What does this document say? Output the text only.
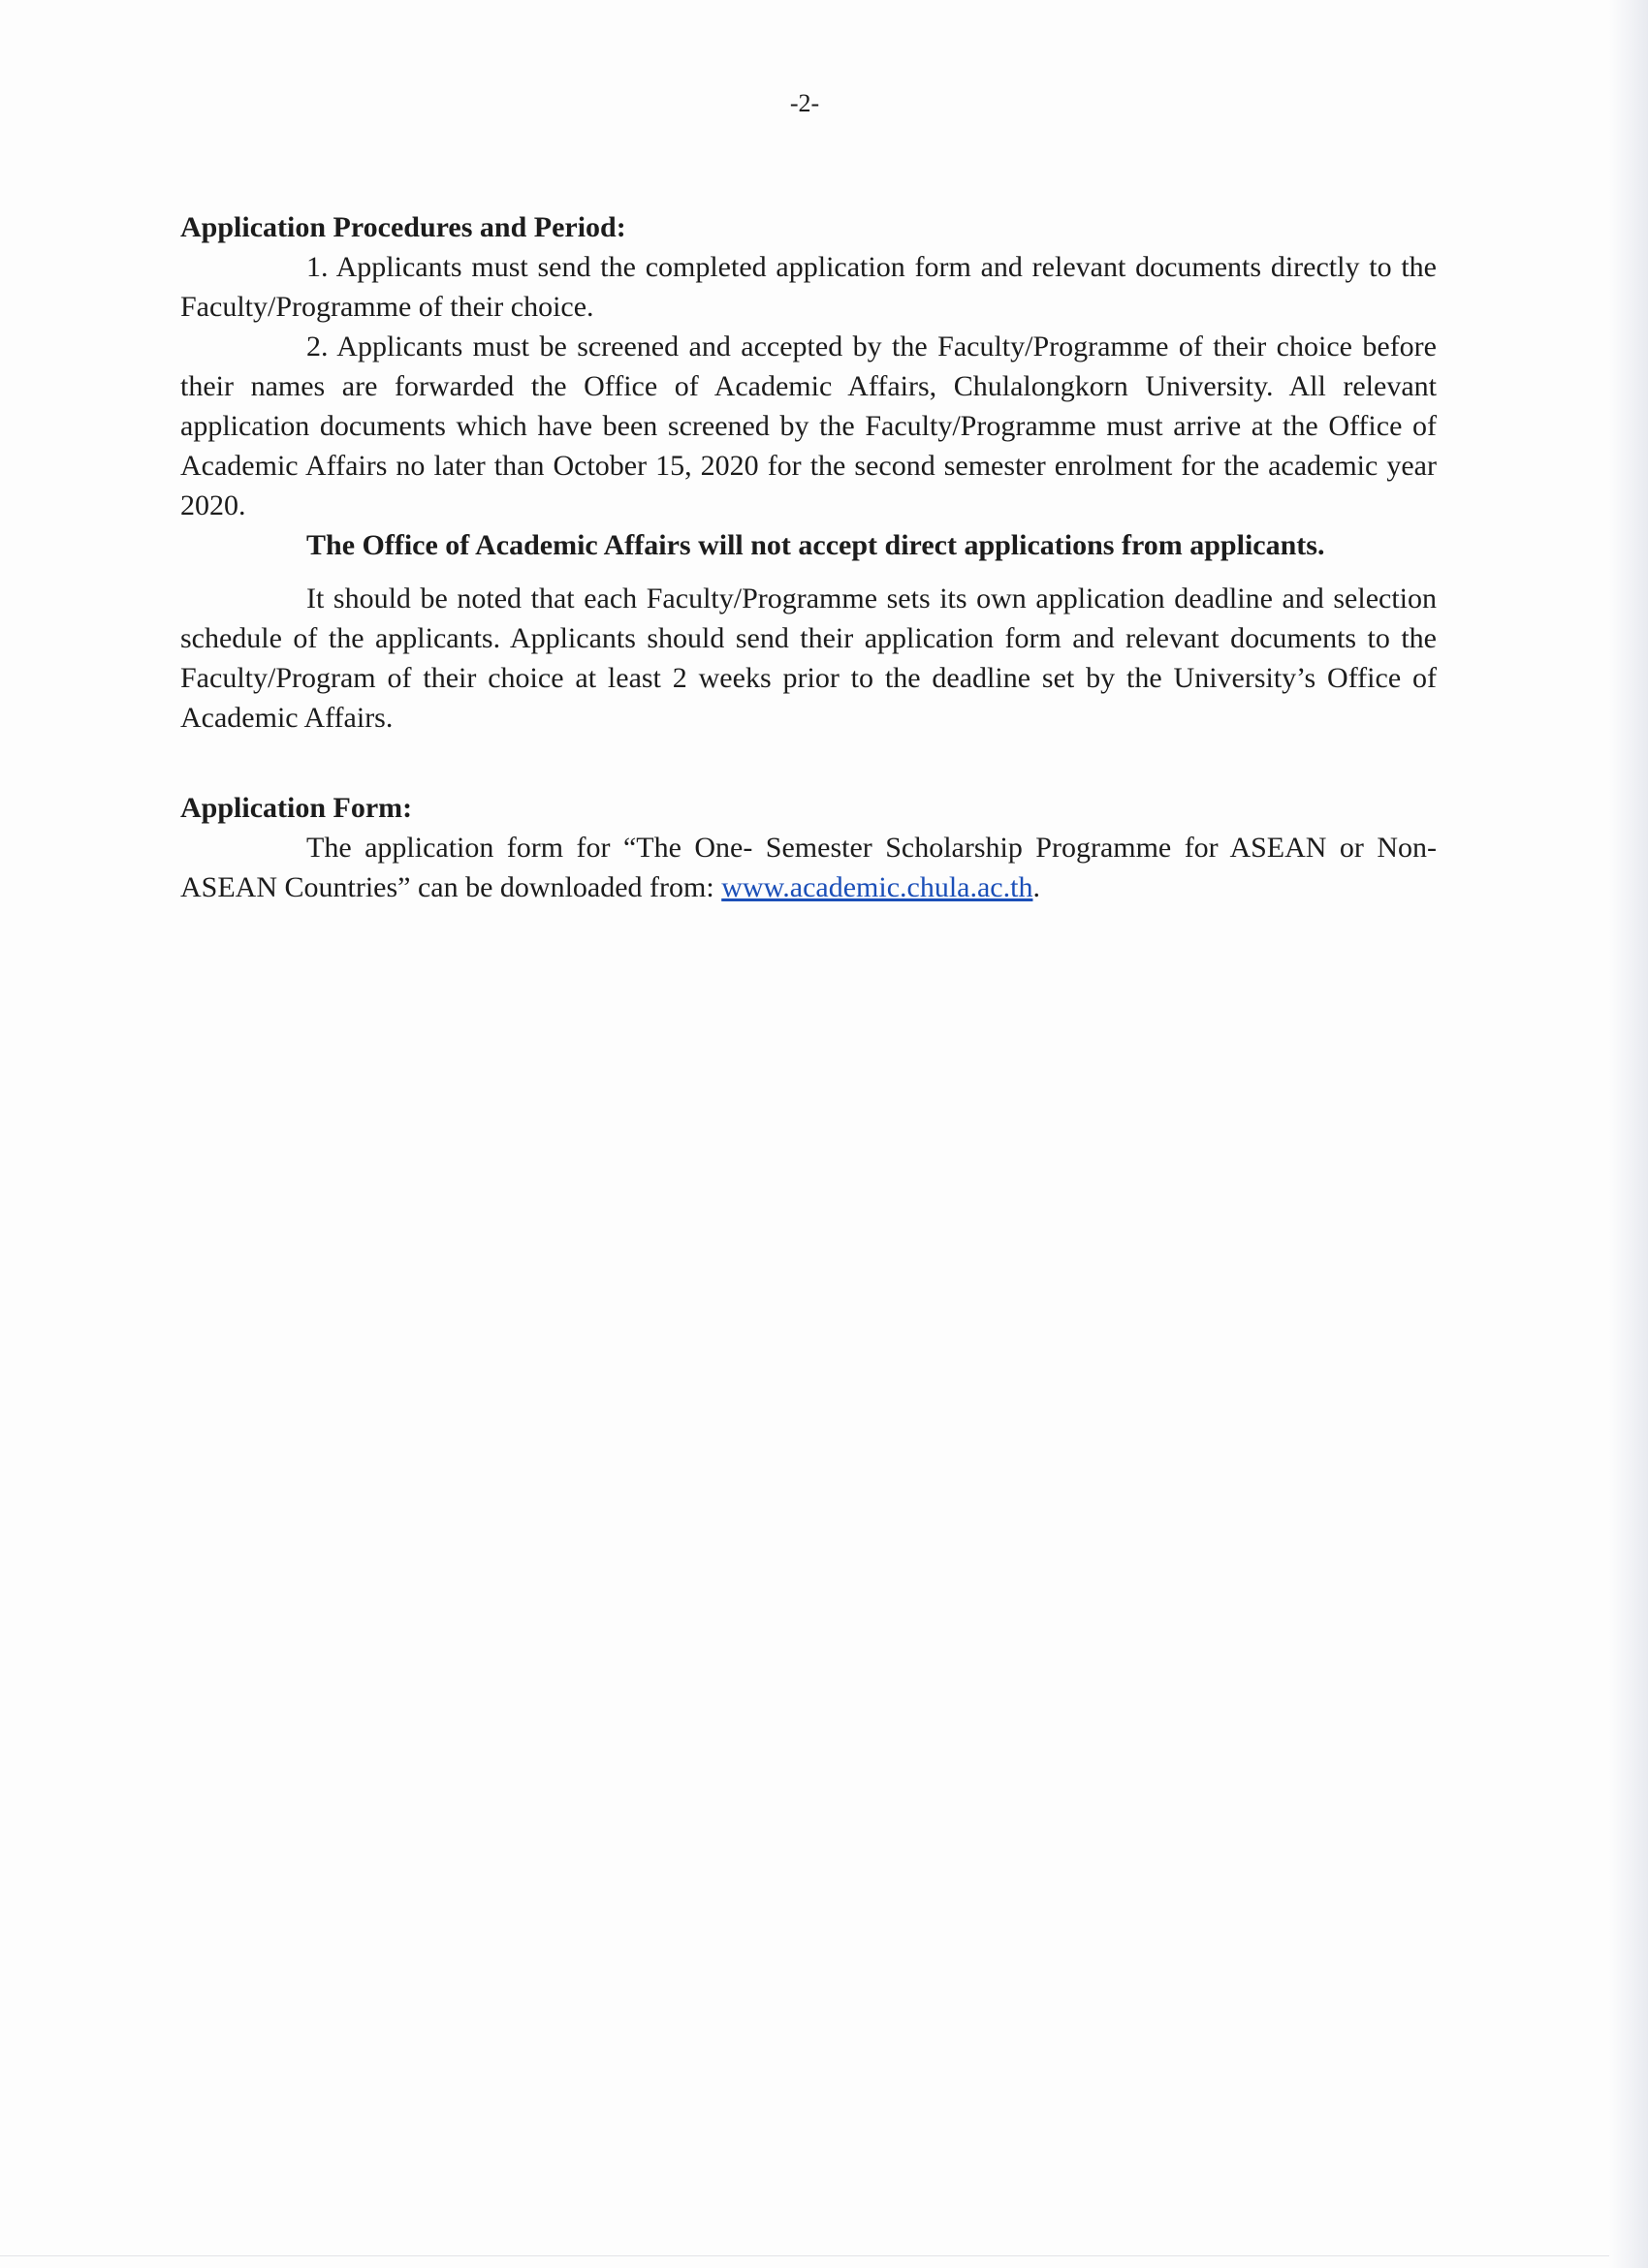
-2-

Application Procedures and Period:

1. Applicants must send the completed application form and relevant documents directly to the Faculty/Programme of their choice.

2. Applicants must be screened and accepted by the Faculty/Programme of their choice before their names are forwarded the Office of Academic Affairs, Chulalongkorn University. All relevant application documents which have been screened by the Faculty/Programme must arrive at the Office of Academic Affairs no later than October 15, 2020 for the second semester enrolment for the academic year 2020.

The Office of Academic Affairs will not accept direct applications from applicants.

It should be noted that each Faculty/Programme sets its own application deadline and selection schedule of the applicants. Applicants should send their application form and relevant documents to the Faculty/Program of their choice at least 2 weeks prior to the deadline set by the University’s Office of Academic Affairs.

Application Form:

The application form for “The One- Semester Scholarship Programme for ASEAN or Non-ASEAN Countries” can be downloaded from: www.academic.chula.ac.th.
